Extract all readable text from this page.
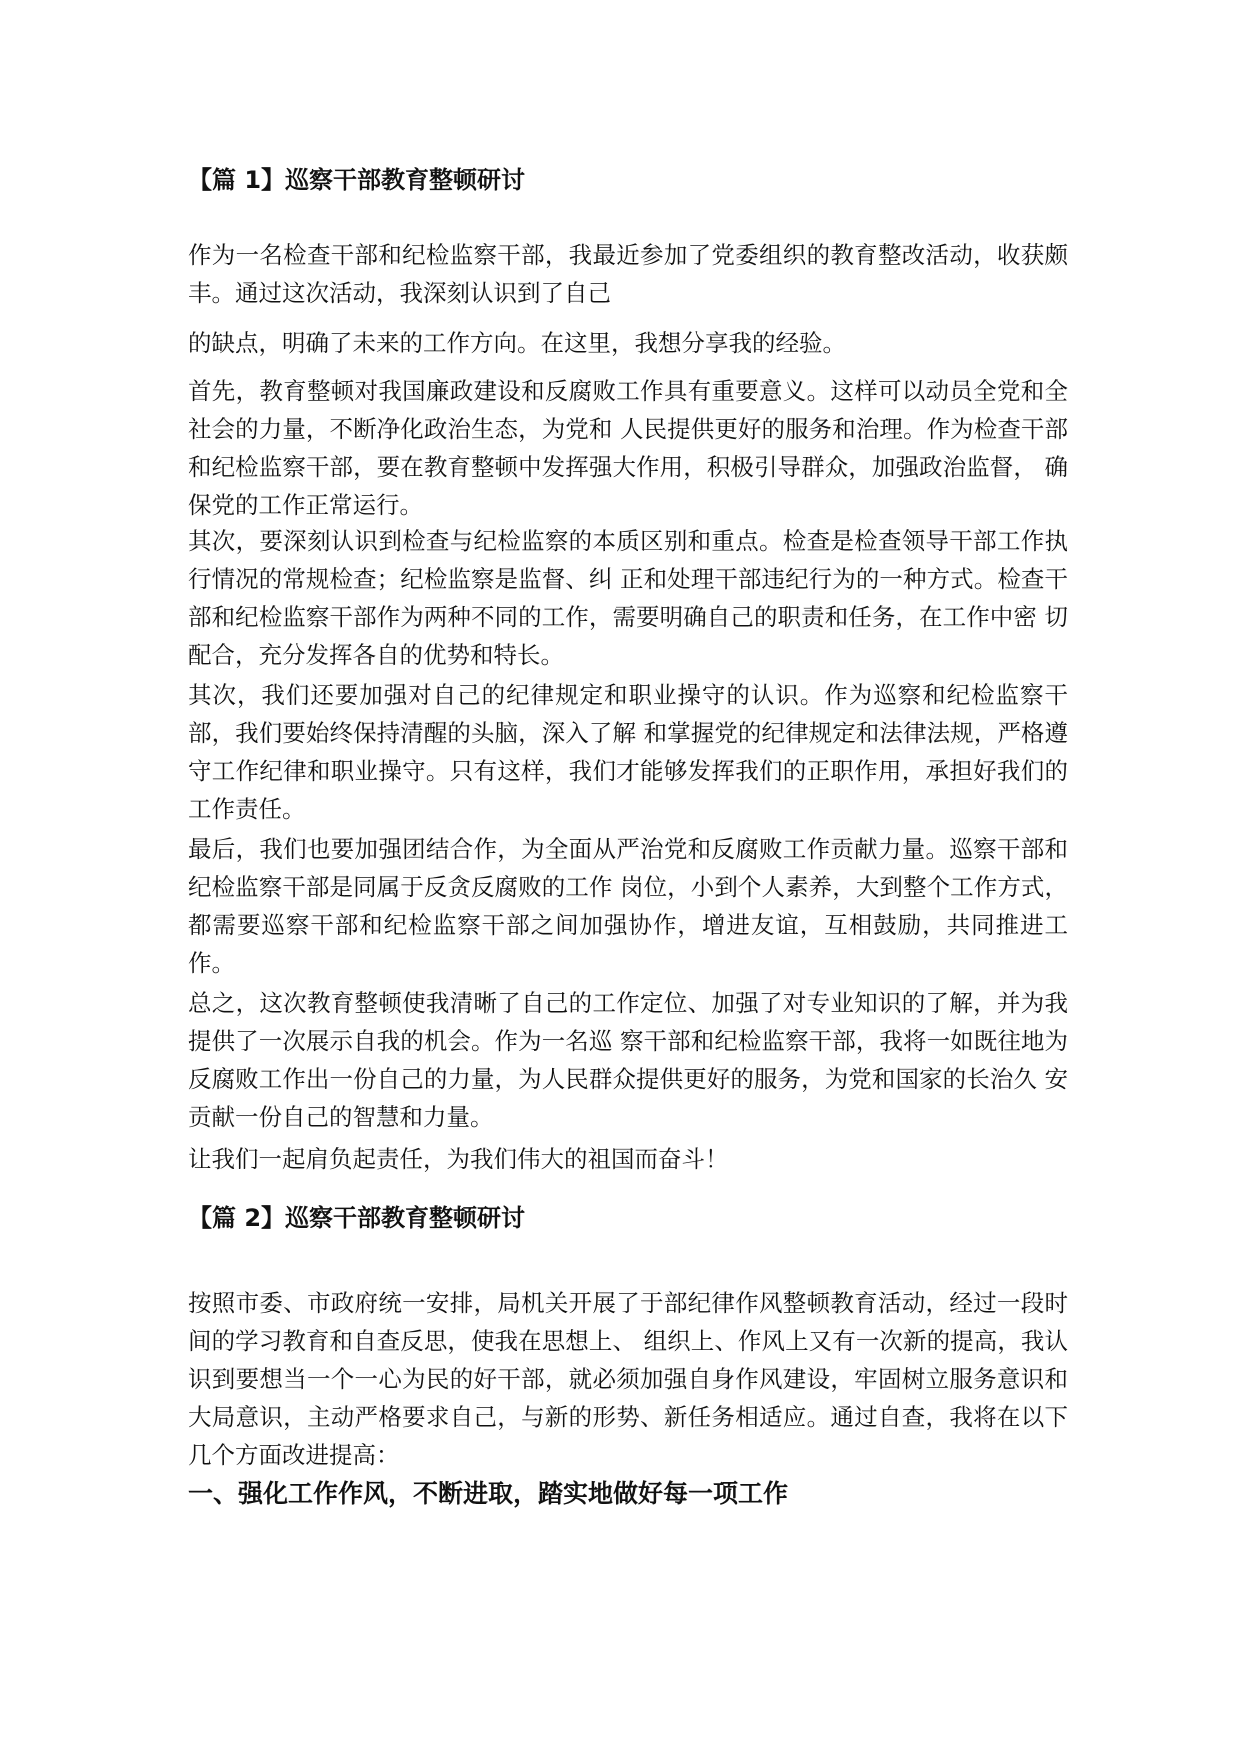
【篇 1】巡察干部教育整顿研讨
作为一名检查干部和纪检监察干部，我最近参加了党委组织的教育整改活动，收获颇丰。通过这次活动，我深刻认识到了自己
的缺点，明确了未来的工作方向。在这里，我想分享我的经验。
首先，教育整顿对我国廉政建设和反腐败工作具有重要意义。这样可以动员全党和全社会的力量，不断净化政治生态，为党和 人民提供更好的服务和治理。作为检查干部和纪检监察干部，要在教育整顿中发挥强大作用，积极引导群众，加强政治监督， 确保党的工作正常运行。
其次，要深刻认识到检查与纪检监察的本质区别和重点。检查是检查领导干部工作执行情况的常规检查；纪检监察是监督、纠 正和处理干部违纪行为的一种方式。检查干部和纪检监察干部作为两种不同的工作，需要明确自己的职责和任务，在工作中密 切配合，充分发挥各自的优势和特长。
其次，我们还要加强对自己的纪律规定和职业操守的认识。作为巡察和纪检监察干部，我们要始终保持清醒的头脑，深入了解 和掌握党的纪律规定和法律法规，严格遵守工作纪律和职业操守。只有这样，我们才能够发挥我们的正职作用，承担好我们的 工作责任。
最后，我们也要加强团结合作，为全面从严治党和反腐败工作贡献力量。巡察干部和纪检监察干部是同属于反贪反腐败的工作 岗位，小到个人素养，大到整个工作方式，都需要巡察干部和纪检监察干部之间加强协作，增进友谊，互相鼓励，共同推进工 作。
总之，这次教育整顿使我清晰了自己的工作定位、加强了对专业知识的了解，并为我提供了一次展示自我的机会。作为一名巡 察干部和纪检监察干部，我将一如既往地为反腐败工作出一份自己的力量，为人民群众提供更好的服务，为党和国家的长治久 安贡献一份自己的智慧和力量。
让我们一起肩负起责任，为我们伟大的祖国而奋斗！
【篇 2】巡察干部教育整顿研讨
按照市委、市政府统一安排，局机关开展了于部纪律作风整顿教育活动，经过一段时间的学习教育和自查反思，使我在思想上、 组织上、作风上又有一次新的提高，我认识到要想当一个一心为民的好干部，就必须加强自身作风建设，牢固树立服务意识和 大局意识，主动严格要求自己，与新的形势、新任务相适应。通过自查，我将在以下几个方面改进提高：
一、强化工作作风，不断进取，踏实地做好每一项工作
